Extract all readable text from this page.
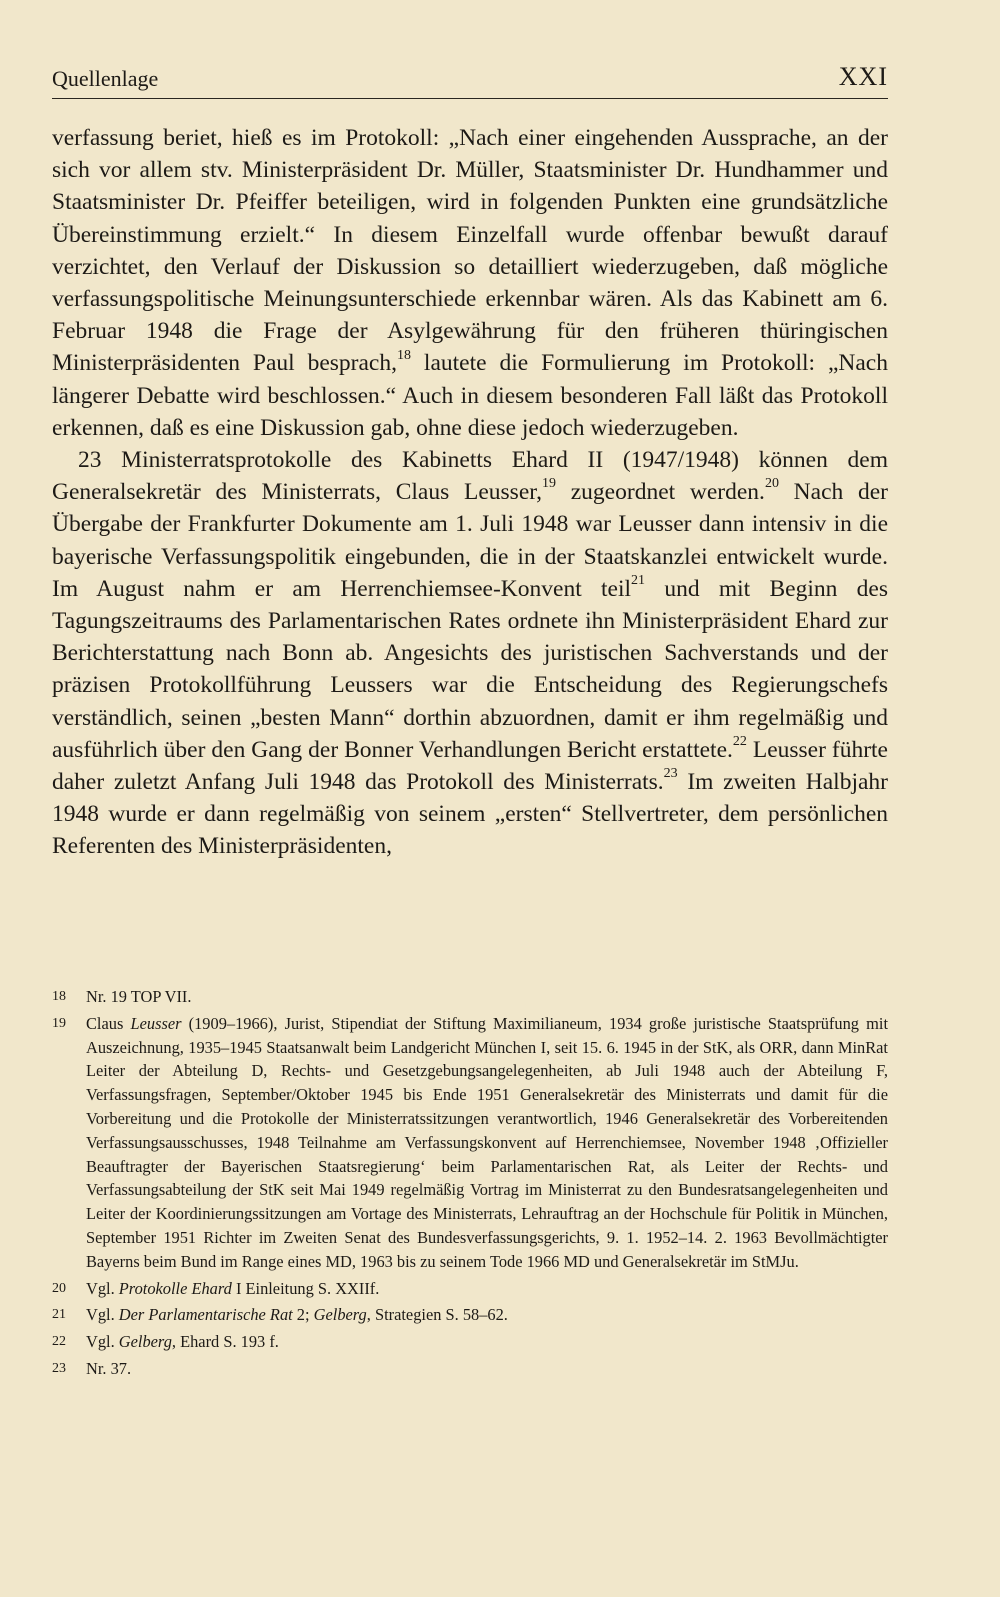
Quellenlage	XXI

verfassung beriet, hieß es im Protokoll: „Nach einer eingehenden Aussprache, an der sich vor allem stv. Ministerpräsident Dr. Müller, Staatsminister Dr. Hundhammer und Staatsminister Dr. Pfeiffer beteiligen, wird in folgenden Punkten eine grundsätzliche Übereinstimmung erzielt.“ In diesem Einzelfall wurde offenbar bewußt darauf verzichtet, den Verlauf der Diskussion so detailliert wiederzugeben, daß mögliche verfassungspolitische Meinungsunterschiede erkennbar wären. Als das Kabinett am 6. Februar 1948 die Frage der Asylgewährung für den früheren thüringischen Ministerpräsidenten Paul besprach,$^{18}$ lautete die Formulierung im Protokoll: „Nach längerer Debatte wird beschlossen.“ Auch in diesem besonderen Fall läßt das Protokoll erkennen, daß es eine Diskussion gab, ohne diese jedoch wiederzugeben.

23 Ministerratsprotokolle des Kabinetts Ehard II (1947/1948) können dem Generalsekretär des Ministerrats, Claus Leusser,$^{19}$ zugeordnet werden.$^{20}$ Nach der Übergabe der Frankfurter Dokumente am 1. Juli 1948 war Leusser dann intensiv in die bayerische Verfassungspolitik eingebunden, die in der Staatskanzlei entwickelt wurde. Im August nahm er am Herrenchiemsee-Konvent teil$^{21}$ und mit Beginn des Tagungszeitraums des Parlamentarischen Rates ordnete ihn Ministerpräsident Ehard zur Berichterstattung nach Bonn ab. Angesichts des juristischen Sachverstands und der präzisen Protokollführung Leussers war die Entscheidung des Regierungschefs verständlich, seinen „besten Mann“ dorthin abzuordnen, damit er ihm regelmäßig und ausführlich über den Gang der Bonner Verhandlungen Bericht erstattete.$^{22}$ Leusser führte daher zuletzt Anfang Juli 1948 das Protokoll des Ministerrats.$^{23}$ Im zweiten Halbjahr 1948 wurde er dann regelmäßig von seinem „ersten“ Stellvertreter, dem persönlichen Referenten des Ministerpräsidenten,

18 Nr. 19 TOP VII.

19 Claus Leusser (1909–1966), Jurist, Stipendiat der Stiftung Maximilianeum, 1934 große juristische Staatsprüfung mit Auszeichnung, 1935–1945 Staatsanwalt beim Landgericht München I, seit 15. 6. 1945 in der StK, als ORR, dann MinRat Leiter der Abteilung D, Rechts- und Gesetzgebungsangelegenheiten, ab Juli 1948 auch der Abteilung F, Verfassungsfragen, September/Oktober 1945 bis Ende 1951 Generalsekretär des Ministerrats und damit für die Vorbereitung und die Protokolle der Ministerratssitzungen verantwortlich, 1946 Generalsekretär des Vorbereitenden Verfassungsausschusses, 1948 Teilnahme am Verfassungskonvent auf Herrenchiemsee, November 1948 ‚Offizieller Beauftragter der Bayerischen Staatsregierung‘ beim Parlamentarischen Rat, als Leiter der Rechts- und Verfassungsabteilung der StK seit Mai 1949 regelmäßig Vortrag im Ministerrat zu den Bundesratsangelegenheiten und Leiter der Koordinierungssitzungen am Vortage des Ministerrats, Lehrauftrag an der Hochschule für Politik in München, September 1951 Richter im Zweiten Senat des Bundesverfassungsgerichts, 9. 1. 1952–14. 2. 1963 Bevollmächtigter Bayerns beim Bund im Range eines MD, 1963 bis zu seinem Tode 1966 MD und Generalsekretär im StMJu.

20 Vgl. Protokolle Ehard I Einleitung S. XXIIf.

21 Vgl. Der Parlamentarische Rat 2; Gelberg, Strategien S. 58–62.

22 Vgl. Gelberg, Ehard S. 193 f.

23 Nr. 37.
